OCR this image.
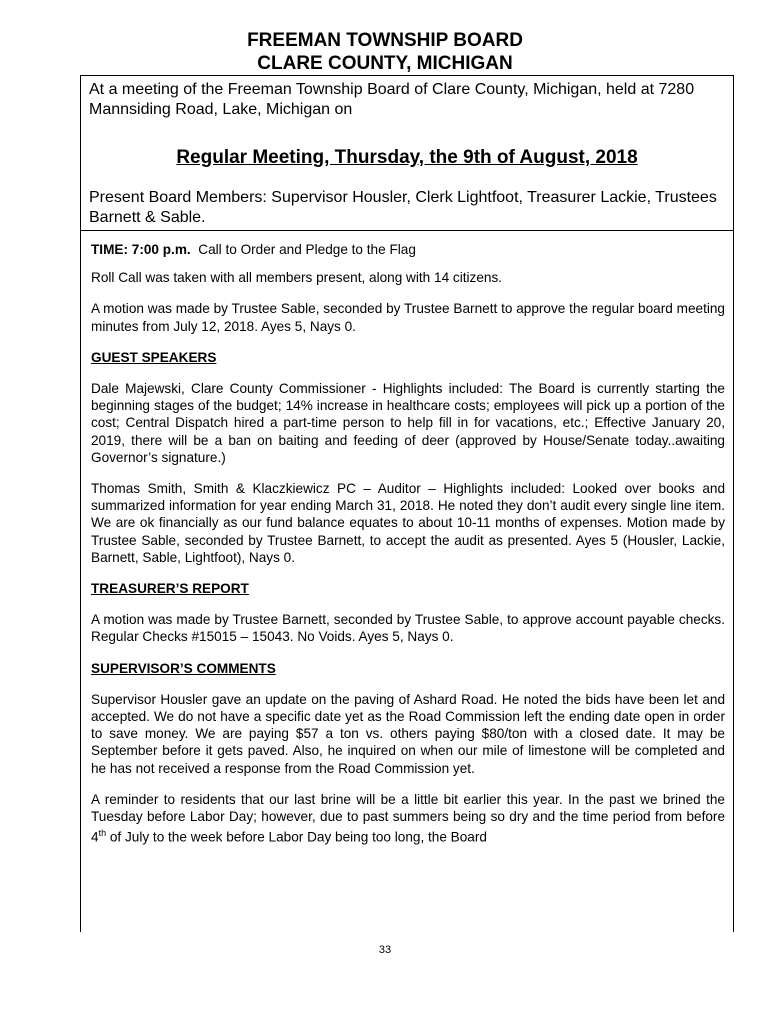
FREEMAN TOWNSHIP BOARD
CLARE COUNTY, MICHIGAN

At a meeting of the Freeman Township Board of Clare County, Michigan, held at 7280 Mannsiding Road, Lake, Michigan on

Regular Meeting, Thursday, the 9th of August, 2018

Present Board Members: Supervisor Housler, Clerk Lightfoot, Treasurer Lackie, Trustees Barnett & Sable.

TIME: 7:00 p.m. Call to Order and Pledge to the Flag

Roll Call was taken with all members present, along with 14 citizens.

A motion was made by Trustee Sable, seconded by Trustee Barnett to approve the regular board meeting minutes from July 12, 2018. Ayes 5, Nays 0.

GUEST SPEAKERS

Dale Majewski, Clare County Commissioner - Highlights included: The Board is currently starting the beginning stages of the budget; 14% increase in healthcare costs; employees will pick up a portion of the cost; Central Dispatch hired a part-time person to help fill in for vacations, etc.; Effective January 20, 2019, there will be a ban on baiting and feeding of deer (approved by House/Senate today..awaiting Governor’s signature.)

Thomas Smith, Smith & Klaczkiewicz PC – Auditor – Highlights included: Looked over books and summarized information for year ending March 31, 2018. He noted they don’t audit every single line item. We are ok financially as our fund balance equates to about 10-11 months of expenses. Motion made by Trustee Sable, seconded by Trustee Barnett, to accept the audit as presented. Ayes 5 (Housler, Lackie, Barnett, Sable, Lightfoot), Nays 0.

TREASURER’S REPORT

A motion was made by Trustee Barnett, seconded by Trustee Sable, to approve account payable checks. Regular Checks #15015 – 15043. No Voids. Ayes 5, Nays 0.

SUPERVISOR’S COMMENTS

Supervisor Housler gave an update on the paving of Ashard Road. He noted the bids have been let and accepted. We do not have a specific date yet as the Road Commission left the ending date open in order to save money. We are paying $57 a ton vs. others paying $80/ton with a closed date. It may be September before it gets paved. Also, he inquired on when our mile of limestone will be completed and he has not received a response from the Road Commission yet.

A reminder to residents that our last brine will be a little bit earlier this year. In the past we brined the Tuesday before Labor Day; however, due to past summers being so dry and the time period from before 4th of July to the week before Labor Day being too long, the Board

33
